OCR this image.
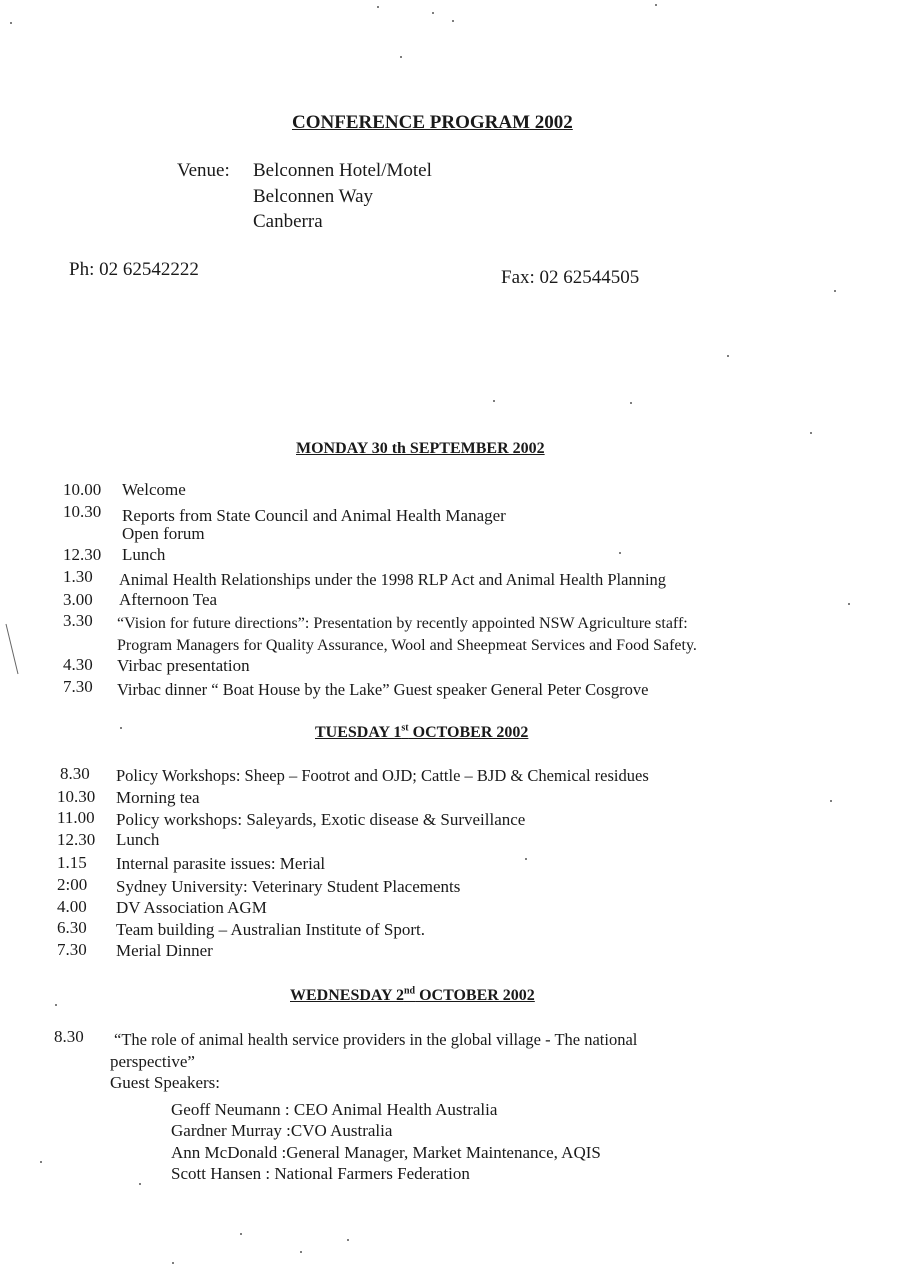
CONFERENCE PROGRAM 2002
Venue: Belconnen Hotel/Motel
Belconnen Way
Canberra
Ph: 02 62542222	Fax: 02 62544505
MONDAY 30 th SEPTEMBER 2002
10.00 Welcome
10.30 Reports from State Council and Animal Health Manager
Open forum
12.30 Lunch
1.30 Animal Health Relationships under the 1998 RLP Act and Animal Health Planning
3.00 Afternoon Tea
3.30 “Vision for future directions”: Presentation by recently appointed NSW Agriculture staff:
Program Managers for Quality Assurance, Wool and Sheepmeat Services and Food Safety.
4.30 Virbac presentation
7.30 Virbac dinner “ Boat House by the Lake” Guest speaker General Peter Cosgrove
TUESDAY 1st OCTOBER 2002
8.30 Policy Workshops: Sheep – Footrot and OJD; Cattle – BJD & Chemical residues
10.30 Morning tea
11.00 Policy workshops: Saleyards, Exotic disease & Surveillance
12.30 Lunch
1.15 Internal parasite issues: Merial
2:00 Sydney University: Veterinary Student Placements
4.00 DV Association AGM
6.30 Team building – Australian Institute of Sport.
7.30 Merial Dinner
WEDNESDAY 2nd OCTOBER 2002
8.30 “The role of animal health service providers in the global village - The national
perspective”
Guest Speakers:
Geoff Neumann : CEO Animal Health Australia
Gardner Murray :CVO Australia
Ann McDonald :General Manager, Market Maintenance, AQIS
Scott Hansen : National Farmers Federation
